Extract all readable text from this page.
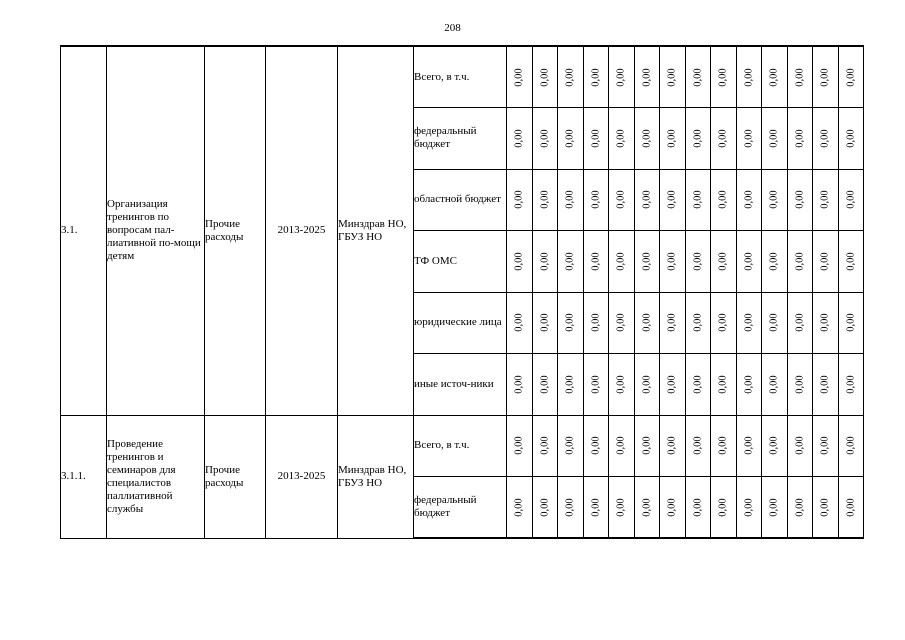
208
3.1.	Организация тренингов по вопросам пал-лиативной по-мощи детям	Прочие расходы	2013-2025	Минздрав НО, ГБУЗ НО	Всего, в т.ч.	0,00	0,00	0,00	0,00	0,00	0,00	0,00	0,00	0,00	0,00	0,00	0,00	0,00	0,00
					федеральный бюджет	0,00	0,00	0,00	0,00	0,00	0,00	0,00	0,00	0,00	0,00	0,00	0,00	0,00	0,00
					областной бюджет	0,00	0,00	0,00	0,00	0,00	0,00	0,00	0,00	0,00	0,00	0,00	0,00	0,00	0,00
					ТФ ОМС	0,00	0,00	0,00	0,00	0,00	0,00	0,00	0,00	0,00	0,00	0,00	0,00	0,00	0,00
					юридические лица	0,00	0,00	0,00	0,00	0,00	0,00	0,00	0,00	0,00	0,00	0,00	0,00	0,00	0,00
					иные источ-ники	0,00	0,00	0,00	0,00	0,00	0,00	0,00	0,00	0,00	0,00	0,00	0,00	0,00	0,00
3.1.1.	Проведение тренингов и семинаров для специалистов паллиативной службы	Прочие расходы	2013-2025	Минздрав НО, ГБУЗ НО	Всего, в т.ч.	0,00	0,00	0,00	0,00	0,00	0,00	0,00	0,00	0,00	0,00	0,00	0,00	0,00	0,00
					федеральный бюджет	0,00	0,00	0,00	0,00	0,00	0,00	0,00	0,00	0,00	0,00	0,00	0,00	0,00	0,00
